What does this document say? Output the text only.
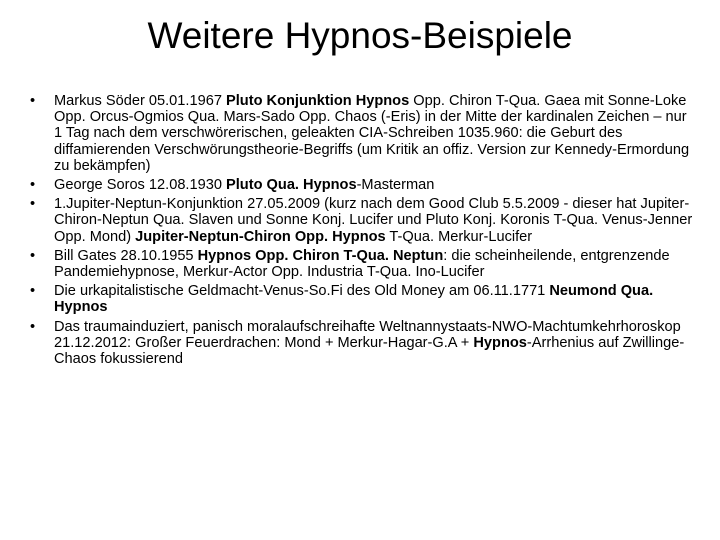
Weitere Hypnos-Beispiele
•	Markus Söder 05.01.1967 Pluto Konjunktion Hypnos Opp. Chiron T-Qua. Gaea mit Sonne-Loke Opp. Orcus-Ogmios Qua. Mars-Sado Opp. Chaos (-Eris) in der Mitte der kardinalen Zeichen – nur 1 Tag nach dem verschwörerischen, geleakten CIA-Schreiben 1035.960: die Geburt des diffamierenden Verschwörungstheorie-Begriffs (um Kritik an offiz. Version zur Kennedy-Ermordung zu bekämpfen)
•	George Soros 12.08.1930 Pluto Qua. Hypnos-Masterman
•	1.Jupiter-Neptun-Konjunktion 27.05.2009 (kurz nach dem Good Club 5.5.2009 - dieser hat Jupiter-Chiron-Neptun Qua. Slaven und Sonne Konj. Lucifer und Pluto Konj. Koronis T-Qua. Venus-Jenner Opp. Mond) Jupiter-Neptun-Chiron Opp. Hypnos T-Qua. Merkur-Lucifer
•	Bill Gates 28.10.1955 Hypnos Opp. Chiron T-Qua. Neptun: die scheinheilende, entgrenzende Pandemiehypnose, Merkur-Actor Opp. Industria T-Qua. Ino-Lucifer
•	Die urkapitalistische Geldmacht-Venus-So.Fi des Old Money am 06.11.1771 Neumond Qua. Hypnos
•	Das traumainduziert, panisch moralaufschreihafte Weltnannystaats-NWO-Machtumkehrhoroskop 21.12.2012: Großer Feuerdrachen: Mond + Merkur-Hagar-G.A + Hypnos-Arrhenius auf Zwillinge-Chaos fokussierend
